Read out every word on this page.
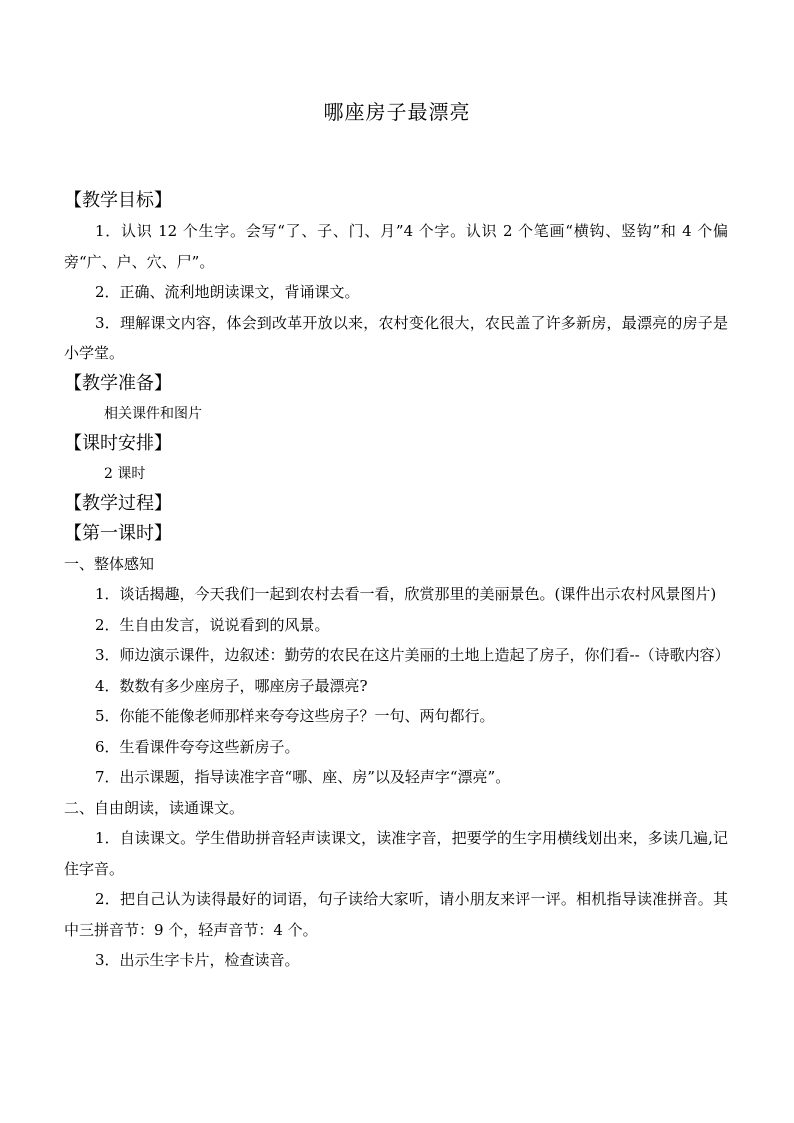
哪座房子最漂亮
【教学目标】

1．认识 12 个生字。会写“了、子、门、月”4 个字。认识 2 个笔画“横钩、竖钩”和 4 个偏旁“广、户、穴、尸”。

2．正确、流利地朗读课文，背诵课文。

3．理解课文内容，体会到改革开放以来，农村变化很大，农民盖了许多新房，最漂亮的房子是小学堂。

【教学准备】

相关课件和图片

【课时安排】

2 课时

【教学过程】
【第一课时】

一、整体感知

1．谈话揭趣，今天我们一起到农村去看一看，欣赏那里的美丽景色。(课件出示农村风景图片)

2．生自由发言，说说看到的风景。

3．师边演示课件，边叙述：勤劳的农民在这片美丽的土地上造起了房子，你们看--（诗歌内容）

4．数数有多少座房子，哪座房子最漂亮?

5．你能不能像老师那样来夸夸这些房子？一句、两句都行。

6．生看课件夸夸这些新房子。

7．出示课题，指导读准字音“哪、座、房”以及轻声字“漂亮”。

二、自由朗读，读通课文。

1．自读课文。学生借助拼音轻声读课文，读准字音，把要学的生字用横线划出来，多读几遍,记住字音。

2．把自己认为读得最好的词语，句子读给大家听，请小朋友来评一评。相机指导读准拼音。其中三拼音节：9 个，轻声音节：4 个。

3．出示生字卡片，检查读音。
